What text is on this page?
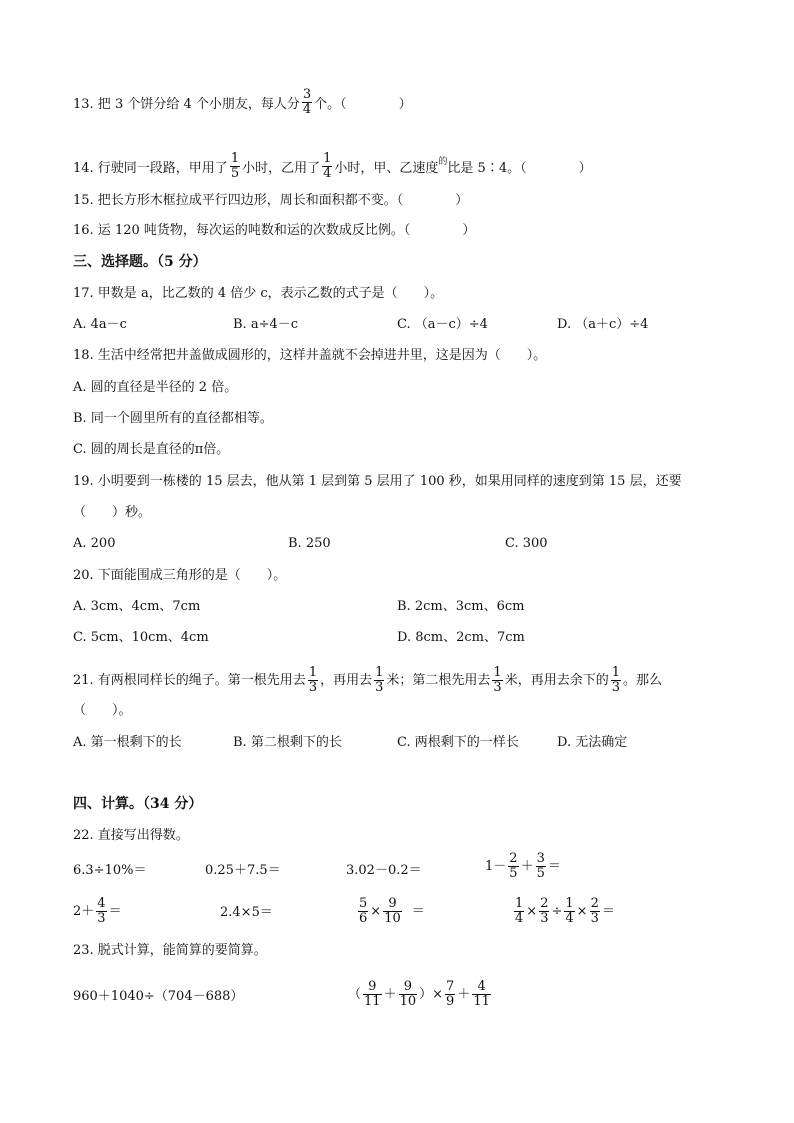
13. 把 3 个饼分给 4 个小朋友，每人分 $\frac{3}{4}$ 个。（　　　　）
14. 行驶同一段路，甲用了 $\frac{1}{5}$ 小时，乙用了 $\frac{1}{4}$ 小时，甲、乙速度$^的$比是 5∶4。（　　　　）
15. 把长方形木框拉成平行四边形，周长和面积都不变。（　　　　）
16. 运 120 吨货物，每次运的吨数和运的次数成反比例。（　　　　）
三、选择题。（5 分）
17. 甲数是 a，比乙数的 4 倍少 c，表示乙数的式子是（　　）。
A. 4a－c	B. a÷4－c	C. （a－c）÷4	D. （a＋c）÷4
18. 生活中经常把井盖做成圆形的，这样井盖就不会掉进井里，这是因为（　　）。
A. 圆的直径是半径的 2 倍。
B. 同一个圆里所有的直径都相等。
C. 圆的周长是直径的π倍。
19. 小明要到一栋楼的 15 层去，他从第 1 层到第 5 层用了 100 秒，如果用同样的速度到第 15 层，还要
（　　）秒。
A. 200	B. 250	C. 300
20. 下面能围成三角形的是（　　）。
A. 3cm、4cm、7cm	B. 2cm、3cm、6cm
C. 5cm、10cm、4cm	D. 8cm、2cm、7cm
21. 有两根同样长的绳子。第一根先用去 $\frac{1}{3}$ ，再用去 $\frac{1}{3}$ 米；第二根先用去 $\frac{1}{3}$ 米，再用去余下的 $\frac{1}{3}$ 。那么
（　　）。
A. 第一根剩下的长	B. 第二根剩下的长	C. 两根剩下的一样长	D. 无法确定
四、计算。（34 分）
22. 直接写出得数。
6.3÷10%＝	0.25＋7.5＝	3.02－0.2＝	$1- \frac{2}{5} + \frac{3}{5}$ ＝
$2+ \frac{4}{3}$ ＝	2.4×5＝	$\frac{5}{6} \times \frac{9}{10}$ ＝	$\frac{1}{4} \times \frac{2}{3} \div \frac{1}{4} \times \frac{2}{3}$ ＝
23. 脱式计算，能简算的要简算。
960＋1040÷（704－688）	（ $\frac{9}{11} + \frac{9}{10}$ ）× $\frac{7}{9} + \frac{4}{11}$
